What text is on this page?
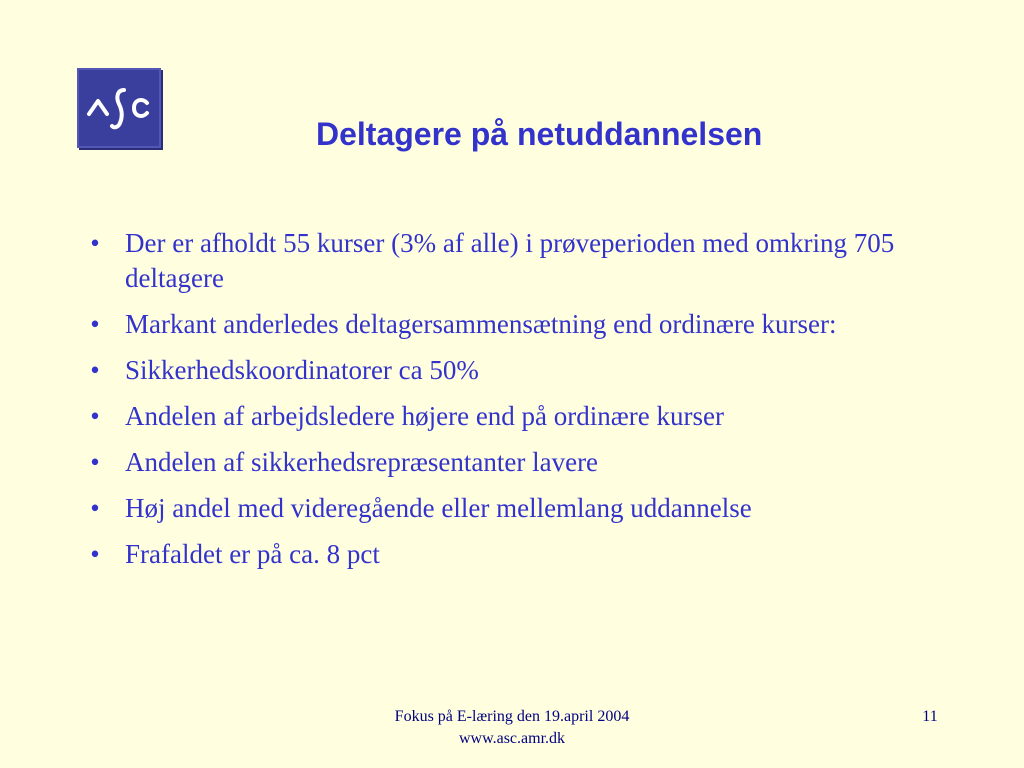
Deltagere på netuddannelsen
• Der er afholdt 55 kurser (3% af alle) i prøveperioden med omkring 705 deltagere
• Markant anderledes deltagersammensætning end ordinære kurser:
• Sikkerhedskoordinatorer ca 50%
• Andelen af arbejdsledere højere end på ordinære kurser
• Andelen af sikkerhedsrepræsentanter lavere
• Høj andel med videregående eller mellemlang uddannelse
• Frafaldet er på ca. 8 pct
Fokus på E-læring den 19.april 2004
www.asc.amr.dk
11
